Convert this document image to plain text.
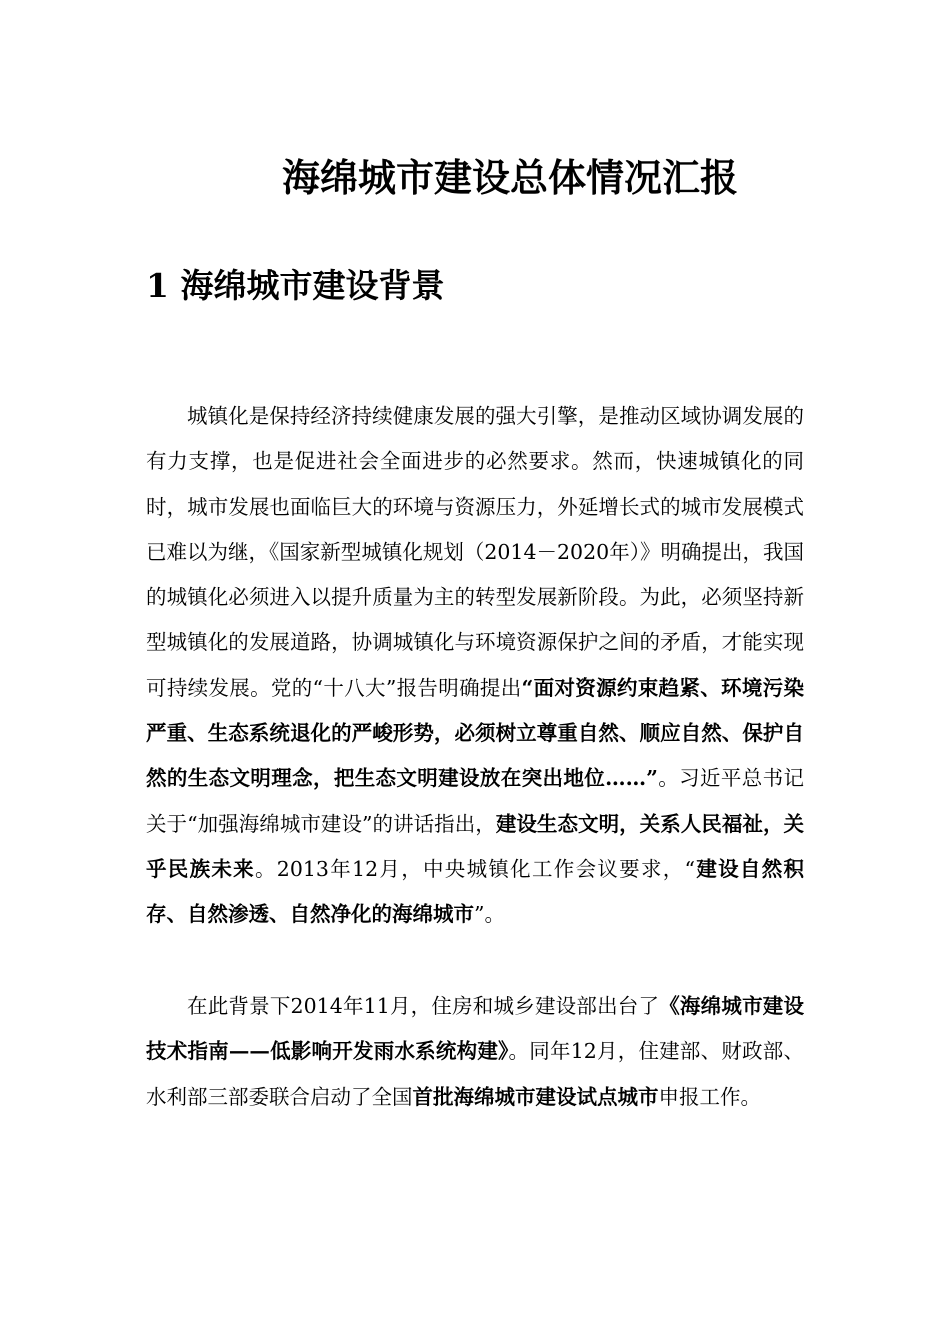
海绵城市建设总体情况汇报
1 海绵城市建设背景

城镇化是保持经济持续健康发展的强大引擎，是推动区域协调发展的有力支撑，也是促进社会全面进步的必然要求。然而，快速城镇化的同时，城市发展也面临巨大的环境与资源压力，外延增长式的城市发展模式已难以为继，《国家新型城镇化规划（2014－2020年）》明确提出，我国的城镇化必须进入以提升质量为主的转型发展新阶段。为此，必须坚持新型城镇化的发展道路，协调城镇化与环境资源保护之间的矛盾，才能实现可持续发展。党的“十八大”报告明确提出“面对资源约束趋紧、环境污染严重、生态系统退化的严峻形势，必须树立尊重自然、顺应自然、保护自然的生态文明理念，把生态文明建设放在突出地位……”。习近平总书记关于“加强海绵城市建设”的讲话指出，建设生态文明，关系人民福祉，关乎民族未来。2013年12月，中央城镇化工作会议要求，“建设自然积存、自然渗透、自然净化的海绵城市”。

在此背景下2014年11月，住房和城乡建设部出台了《海绵城市建设技术指南——低影响开发雨水系统构建》。同年12月，住建部、财政部、水利部三部委联合启动了全国首批海绵城市建设试点城市申报工作。
